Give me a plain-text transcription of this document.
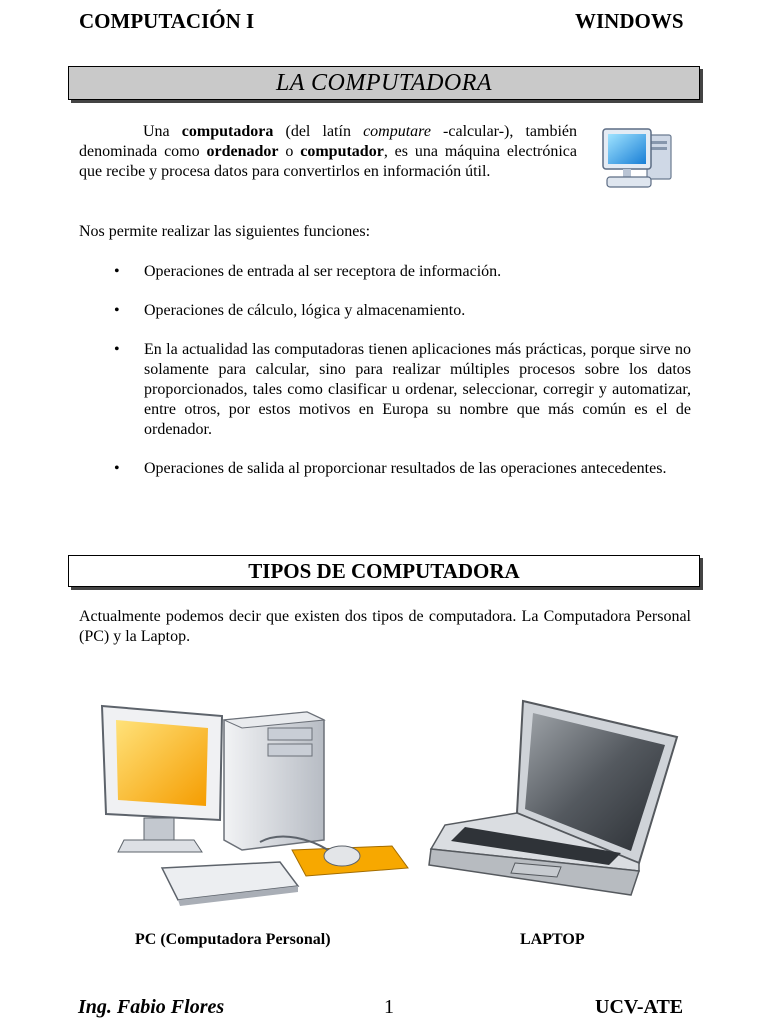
COMPUTACIÓN I	WINDOWS
LA COMPUTADORA
Una computadora (del latín computare -calcular-), también denominada como ordenador o computador, es una máquina electrónica que recibe y procesa datos para convertirlos en información útil.
Nos permite realizar las siguientes funciones:
• Operaciones de entrada al ser receptora de información.
• Operaciones de cálculo, lógica y almacenamiento.
• En la actualidad las computadoras tienen aplicaciones más prácticas, porque sirve no solamente para calcular, sino para realizar múltiples procesos sobre los datos proporcionados, tales como clasificar u ordenar, seleccionar, corregir y automatizar, entre otros, por estos motivos en Europa su nombre que más común es el de ordenador.
• Operaciones de salida al proporcionar resultados de las operaciones antecedentes.
TIPOS DE COMPUTADORA
Actualmente podemos decir que existen dos tipos de computadora. La Computadora Personal (PC) y la Laptop.
PC (Computadora Personal)	LAPTOP
Ing. Fabio Flores	1	UCV-ATE
